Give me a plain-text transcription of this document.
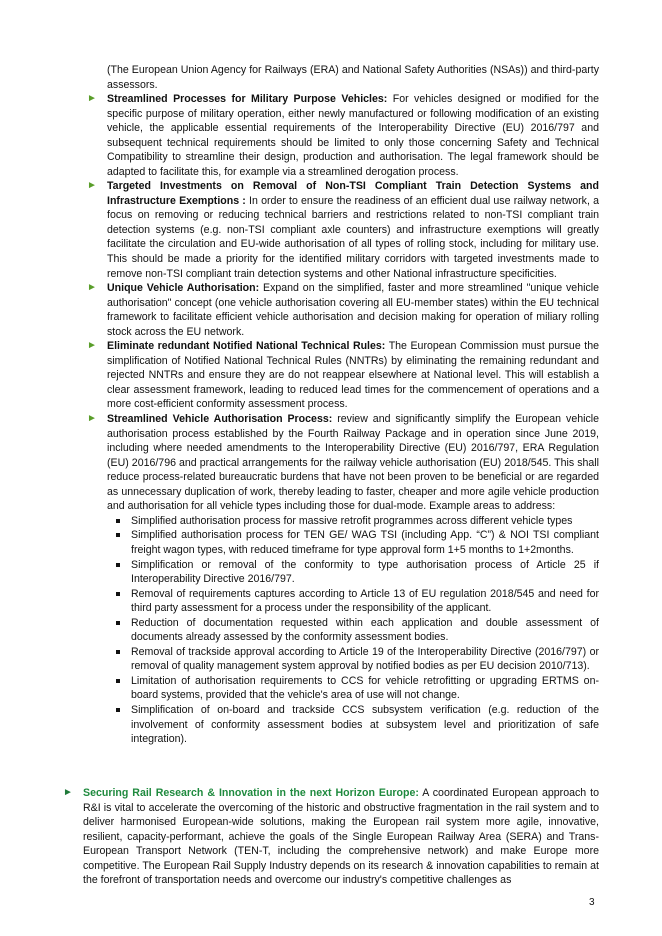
(The European Union Agency for Railways (ERA) and National Safety Authorities (NSAs)) and third-party assessors.

► Streamlined Processes for Military Purpose Vehicles: For vehicles designed or modified for the specific purpose of military operation, either newly manufactured or following modification of an existing vehicle, the applicable essential requirements of the Interoperability Directive (EU) 2016/797 and subsequent technical requirements should be limited to only those concerning Safety and Technical Compatibility to streamline their design, production and authorisation. The legal framework should be adapted to facilitate this, for example via a streamlined derogation process.
► Targeted Investments on Removal of Non-TSI Compliant Train Detection Systems and Infrastructure Exemptions : In order to ensure the readiness of an efficient dual use railway network, a focus on removing or reducing technical barriers and restrictions related to non-TSI compliant train detection systems (e.g. non-TSI compliant axle counters) and infrastructure exemptions will greatly facilitate the circulation and EU-wide authorisation of all types of rolling stock, including for military use. This should be made a priority for the identified military corridors with targeted investments made to remove non-TSI compliant train detection systems and other National infrastructure specificities.
► Unique Vehicle Authorisation: Expand on the simplified, faster and more streamlined "unique vehicle authorisation" concept (one vehicle authorisation covering all EU-member states) within the EU technical framework to facilitate efficient vehicle authorisation and decision making for operation of miliary rolling stock across the EU network.
► Eliminate redundant Notified National Technical Rules: The European Commission must pursue the simplification of Notified National Technical Rules (NNTRs) by eliminating the remaining redundant and rejected NNTRs and ensure they are do not reappear elsewhere at National level. This will establish a clear assessment framework, leading to reduced lead times for the commencement of operations and a more cost-efficient conformity assessment process.
► Streamlined Vehicle Authorisation Process: review and significantly simplify the European vehicle authorisation process established by the Fourth Railway Package and in operation since June 2019, including where needed amendments to the Interoperability Directive (EU) 2016/797, ERA Regulation (EU) 2016/796 and practical arrangements for the railway vehicle authorisation (EU) 2018/545. This shall reduce process-related bureaucratic burdens that have not been proven to be beneficial or are regarded as unnecessary duplication of work, thereby leading to faster, cheaper and more agile vehicle production and authorisation for all vehicle types including those for dual-mode. Example areas to address:
Simplified authorisation process for massive retrofit programmes across different vehicle types
Simplified authorisation process for TEN GE/ WAG TSI (including App. “C”) & NOI TSI compliant freight wagon types, with reduced timeframe for type approval form 1+5 months to 1+2months.
Simplification or removal of the conformity to type authorisation process of Article 25 if Interoperability Directive 2016/797.
Removal of requirements captures according to Article 13 of EU regulation 2018/545 and need for third party assessment for a process under the responsibility of the applicant.
Reduction of documentation requested within each application and double assessment of documents already assessed by the conformity assessment bodies.
Removal of trackside approval according to Article 19 of the Interoperability Directive (2016/797) or removal of quality management system approval by notified bodies as per EU decision 2010/713).
Limitation of authorisation requirements to CCS for vehicle retrofitting or upgrading ERTMS on-board systems, provided that the vehicle's area of use will not change.
Simplification of on-board and trackside CCS subsystem verification (e.g. reduction of the involvement of conformity assessment bodies at subsystem level and prioritization of safe integration).
► Securing Rail Research & Innovation in the next Horizon Europe: A coordinated European approach to R&I is vital to accelerate the overcoming of the historic and obstructive fragmentation in the rail system and to deliver harmonised European-wide solutions, making the European rail system more agile, innovative, resilient, capacity-performant, achieve the goals of the Single European Railway Area (SERA) and Trans-European Transport Network (TEN-T, including the comprehensive network) and make Europe more competitive. The European Rail Supply Industry depends on its research & innovation capabilities to remain at the forefront of transportation needs and overcome our industry's competitive challenges as
3
